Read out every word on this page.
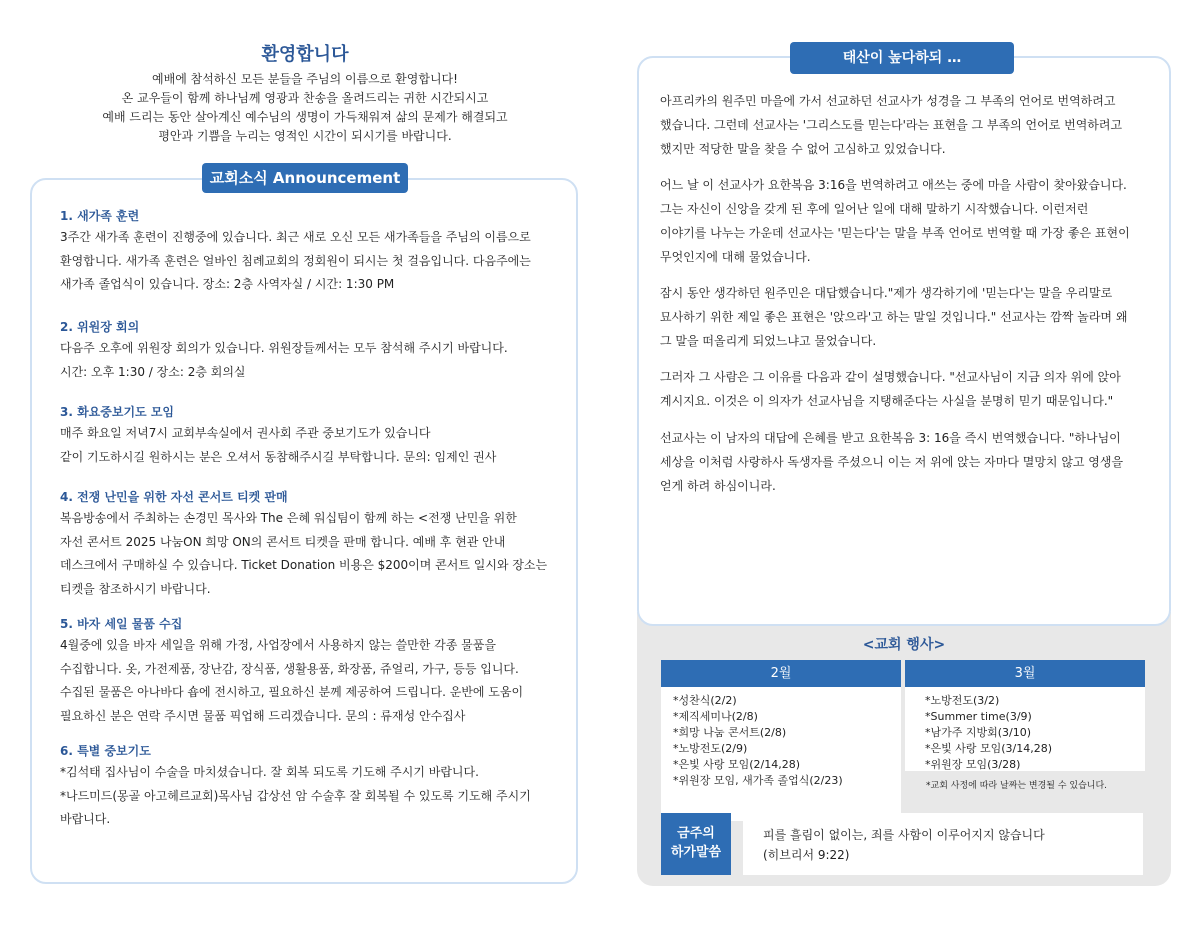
환영합니다
예배에 참석하신 모든 분들을 주님의 이름으로 환영합니다!
온 교우들이 함께 하나님께 영광과 찬송을 올려드리는 귀한 시간되시고
예배 드리는 동안 살아계신 예수님의 생명이 가득채워져 삶의 문제가 해결되고
평안과 기쁨을 누리는 영적인 시간이 되시기를 바랍니다.
교회소식 Announcement
1. 새가족 훈련
3주간 새가족 훈련이 진행중에 있습니다. 최근 새로 오신 모든 새가족들을 주님의 이름으로
환영합니다. 새가족 훈련은 얼바인 침례교회의 정회원이 되시는 첫 걸음입니다. 다음주에는
새가족 졸업식이 있습니다. 장소: 2층 사역자실 / 시간: 1:30 PM
2. 위원장 회의
다음주 오후에 위원장 회의가 있습니다. 위원장들께서는 모두 참석해 주시기 바랍니다.
시간: 오후 1:30 / 장소: 2층 회의실
3. 화요중보기도 모임
매주 화요일 저녁7시 교회부속실에서 권사회 주관 중보기도가 있습니다
같이 기도하시길 원하시는 분은 오셔서 동참해주시길 부탁합니다. 문의: 임제인 권사
4. 전쟁 난민을 위한 자선 콘서트 티켓 판매
복음방송에서 주최하는 손경민 목사와 The 은혜 워십팀이 함께 하는 <전쟁 난민을 위한
자선 콘서트 2025 나눔ON 희망 ON의 콘서트 티켓을 판매 합니다. 예배 후 현관 안내
데스크에서 구매하실 수 있습니다. Ticket Donation 비용은 $200이며 콘서트 일시와 장소는
티켓을 참조하시기 바랍니다.
5. 바자 세일 물품 수집
4월중에 있을 바자 세일을 위해 가정, 사업장에서 사용하지 않는 쓸만한 각종 물품을
수집합니다. 옷, 가전제품, 장난감, 장식품, 생활용품, 화장품, 쥬얼리, 가구, 등등 입니다.
수집된 물품은 아나바다 숍에 전시하고, 필요하신 분께 제공하여 드립니다. 운반에 도움이
필요하신 분은 연락 주시면 물품 픽업해 드리겠습니다. 문의 : 류재성 안수집사
6. 특별 중보기도
*김석태 집사님이 수술을 마치셨습니다. 잘 회복 되도록 기도해 주시기 바랍니다.
*나드미드(몽골 아고헤르교회)목사님 갑상선 암 수술후 잘 회복될 수 있도록 기도해 주시기
바랍니다.
태산이 높다하되 …
아프리카의 원주민 마을에 가서 선교하던 선교사가 성경을 그 부족의 언어로 번역하려고
했습니다. 그런데 선교사는 '그리스도를 믿는다'라는 표현을 그 부족의 언어로 번역하려고
했지만 적당한 말을 찾을 수 없어 고심하고 있었습니다.
어느 날 이 선교사가 요한복음 3:16을 번역하려고 애쓰는 중에 마을 사람이 찾아왔습니다.
그는 자신이 신앙을 갖게 된 후에 일어난 일에 대해 말하기 시작했습니다. 이런저런
이야기를 나누는 가운데 선교사는 '믿는다'는 말을 부족 언어로 번역할 때 가장 좋은 표현이
무엇인지에 대해 물었습니다.
잠시 동안 생각하던 원주민은 대답했습니다."제가 생각하기에 '믿는다'는 말을 우리말로
묘사하기 위한 제일 좋은 표현은 '앉으라'고 하는 말일 것입니다." 선교사는 깜짝 놀라며 왜
그 말을 떠올리게 되었느냐고 물었습니다.
그러자 그 사람은 그 이유를 다음과 같이 설명했습니다. "선교사님이 지금 의자 위에 앉아
계시지요. 이것은 이 의자가 선교사님을 지탱해준다는 사실을 분명히 믿기 때문입니다."
선교사는 이 남자의 대답에 은혜를 받고 요한복음 3: 16을 즉시 번역했습니다. "하나님이
세상을 이처럼 사랑하사 독생자를 주셨으니 이는 저 위에 앉는 자마다 멸망치 않고 영생을
얻게 하려 하심이니라.
<교회 행사>
2월
*성찬식(2/2)
*제직세미나(2/8)
*희망 나눔 콘서트(2/8)
*노방전도(2/9)
*은빛 사랑 모임(2/14,28)
*위원장 모임, 새가족 졸업식(2/23)
3월
*노방전도(3/2)
*Summer time(3/9)
*남가주 지방회(3/10)
*은빛 사랑 모임(3/14,28)
*위원장 모임(3/28)
*교회 사정에 따라 날짜는 변경될 수 있습니다.
금주의
하가말씀
피를 흘림이 없이는, 죄를 사함이 이루어지지 않습니다
(히브리서 9:22)
